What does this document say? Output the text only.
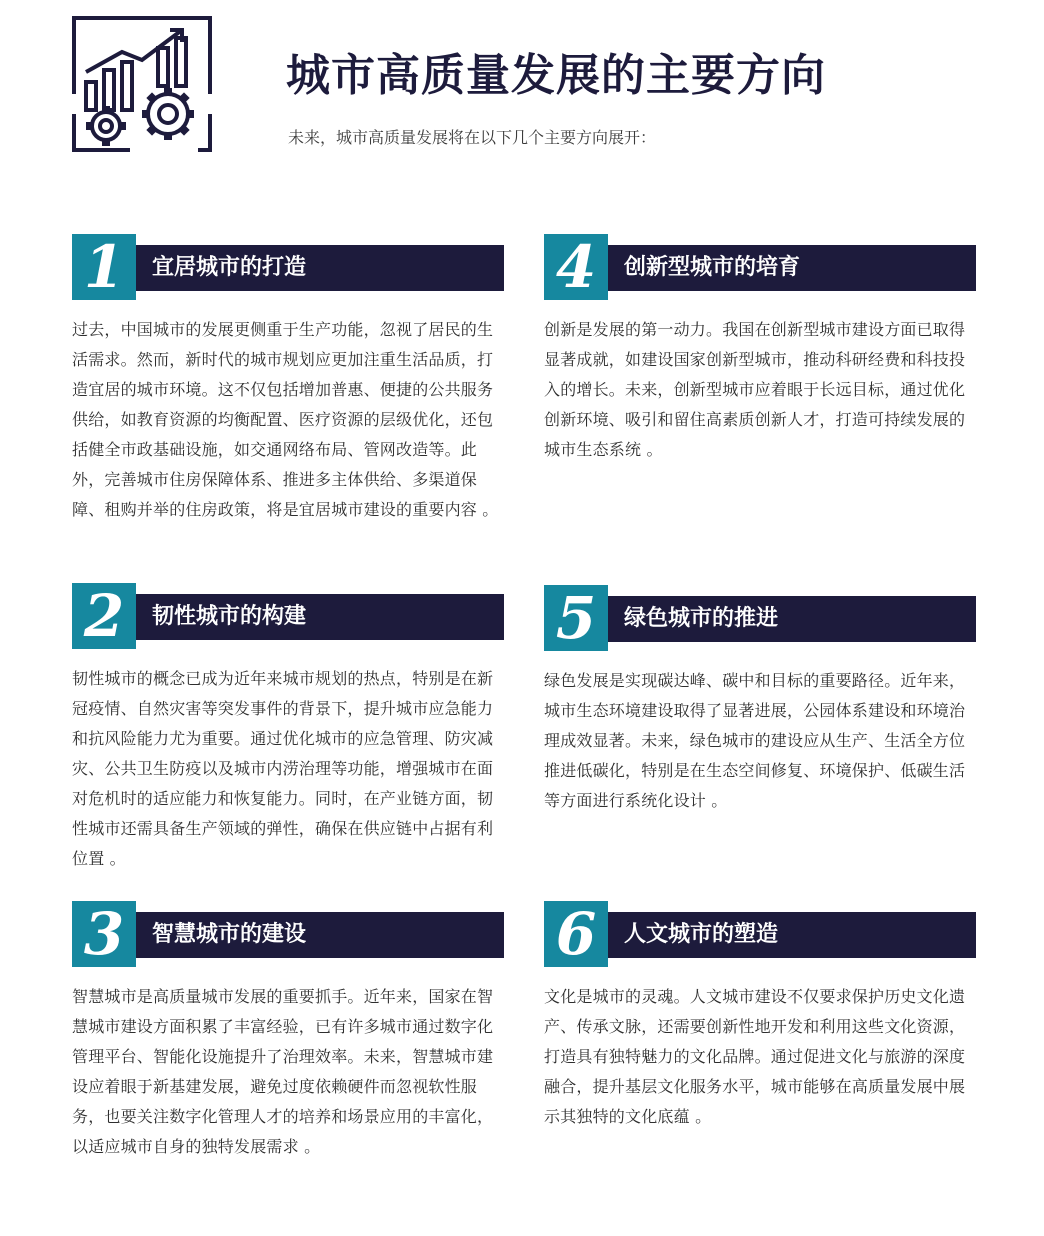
城市高质量发展的主要方向
未来，城市高质量发展将在以下几个主要方向展开：
1 宜居城市的打造

过去，中国城市的发展更侧重于生产功能，忽视了居民的生活需求。然而，新时代的城市规划应更加注重生活品质，打造宜居的城市环境。这不仅包括增加普惠、便捷的公共服务供给，如教育资源的均衡配置、医疗资源的层级优化，还包括健全市政基础设施，如交通网络布局、管网改造等。此外，完善城市住房保障体系、推进多主体供给、多渠道保障、租购并举的住房政策，将是宜居城市建设的重要内容 。

2 韧性城市的构建

韧性城市的概念已成为近年来城市规划的热点，特别是在新冠疫情、自然灾害等突发事件的背景下，提升城市应急能力和抗风险能力尤为重要。通过优化城市的应急管理、防灾减灾、公共卫生防疫以及城市内涝治理等功能，增强城市在面对危机时的适应能力和恢复能力。同时，在产业链方面，韧性城市还需具备生产领域的弹性，确保在供应链中占据有利位置 。

3 智慧城市的建设

智慧城市是高质量城市发展的重要抓手。近年来，国家在智慧城市建设方面积累了丰富经验，已有许多城市通过数字化管理平台、智能化设施提升了治理效率。未来，智慧城市建设应着眼于新基建发展，避免过度依赖硬件而忽视软性服务，也要关注数字化管理人才的培养和场景应用的丰富化，以适应城市自身的独特发展需求 。

4 创新型城市的培育

创新是发展的第一动力。我国在创新型城市建设方面已取得显著成就，如建设国家创新型城市，推动科研经费和科技投入的增长。未来，创新型城市应着眼于长远目标，通过优化创新环境、吸引和留住高素质创新人才，打造可持续发展的城市生态系统 。

5 绿色城市的推进

绿色发展是实现碳达峰、碳中和目标的重要路径。近年来，城市生态环境建设取得了显著进展，公园体系建设和环境治理成效显著。未来，绿色城市的建设应从生产、生活全方位推进低碳化，特别是在生态空间修复、环境保护、低碳生活等方面进行系统化设计 。

6 人文城市的塑造

文化是城市的灵魂。人文城市建设不仅要求保护历史文化遗产、传承文脉，还需要创新性地开发和利用这些文化资源，打造具有独特魅力的文化品牌。通过促进文化与旅游的深度融合，提升基层文化服务水平，城市能够在高质量发展中展示其独特的文化底蕴 。
